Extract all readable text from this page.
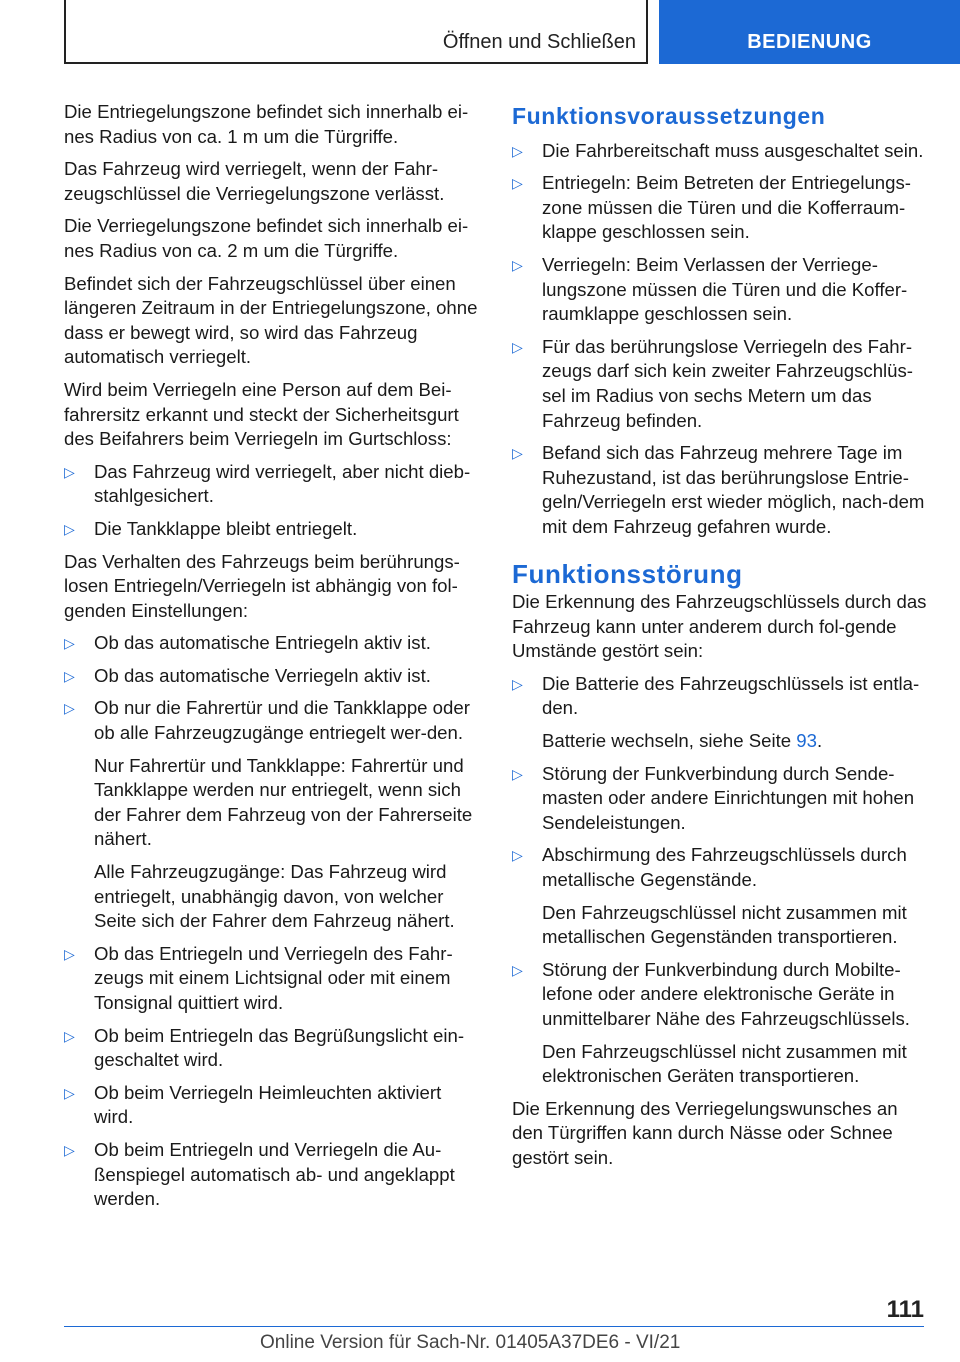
Öffnen und Schließen	BEDIENUNG

Die Entriegelungszone befindet sich innerhalb ei-nes Radius von ca. 1 m um die Türgriffe.

Das Fahrzeug wird verriegelt, wenn der Fahr-zeugschlüssel die Verriegelungszone verlässt.

Die Verriegelungszone befindet sich innerhalb ei-nes Radius von ca. 2 m um die Türgriffe.

Befindet sich der Fahrzeugschlüssel über einen längeren Zeitraum in der Entriegelungszone, ohne dass er bewegt wird, so wird das Fahrzeug automatisch verriegelt.

Wird beim Verriegeln eine Person auf dem Bei-fahrersitz erkannt und steckt der Sicherheitsgurt des Beifahrers beim Verriegeln im Gurtschloss:

▷	Das Fahrzeug wird verriegelt, aber nicht dieb-stahlgesichert.
▷	Die Tankklappe bleibt entriegelt.

Das Verhalten des Fahrzeugs beim berührungs-losen Entriegeln/Verriegeln ist abhängig von fol-genden Einstellungen:

▷	Ob das automatische Entriegeln aktiv ist.
▷	Ob das automatische Verriegeln aktiv ist.
▷	Ob nur die Fahrertür und die Tankklappe oder ob alle Fahrzeugzugänge entriegelt wer-den.

Nur Fahrertür und Tankklappe: Fahrertür und Tankklappe werden nur entriegelt, wenn sich der Fahrer dem Fahrzeug von der Fahrerseite nähert.

Alle Fahrzeugzugänge: Das Fahrzeug wird entriegelt, unabhängig davon, von welcher Seite sich der Fahrer dem Fahrzeug nähert.

▷	Ob das Entriegeln und Verriegeln des Fahr-zeugs mit einem Lichtsignal oder mit einem Tonsignal quittiert wird.
▷	Ob beim Entriegeln das Begrüßungslicht ein-geschaltet wird.
▷	Ob beim Verriegeln Heimleuchten aktiviert wird.
▷	Ob beim Entriegeln und Verriegeln die Au-ßenspiegel automatisch ab- und angeklappt werden.
Funktionsvoraussetzungen
▷	Die Fahrbereitschaft muss ausgeschaltet sein.
▷	Entriegeln: Beim Betreten der Entriegelungs-zone müssen die Türen und die Kofferraum-klappe geschlossen sein.
▷	Verriegeln: Beim Verlassen der Verriege-lungszone müssen die Türen und die Koffer-raumklappe geschlossen sein.
▷	Für das berührungslose Verriegeln des Fahr-zeugs darf sich kein zweiter Fahrzeugschlüs-sel im Radius von sechs Metern um das Fahrzeug befinden.
▷	Befand sich das Fahrzeug mehrere Tage im Ruhezustand, ist das berührungslose Entrie-geln/Verriegeln erst wieder möglich, nach-dem mit dem Fahrzeug gefahren wurde.
Funktionsstörung

Die Erkennung des Fahrzeugschlüssels durch das Fahrzeug kann unter anderem durch fol-gende Umstände gestört sein:

▷	Die Batterie des Fahrzeugschlüssels ist entla-den.

Batterie wechseln, siehe Seite 93.

▷	Störung der Funkverbindung durch Sende-masten oder andere Einrichtungen mit hohen Sendeleistungen.
▷	Abschirmung des Fahrzeugschlüssels durch metallische Gegenstände.

Den Fahrzeugschlüssel nicht zusammen mit metallischen Gegenständen transportieren.

▷	Störung der Funkverbindung durch Mobilte-lefone oder andere elektronische Geräte in unmittelbarer Nähe des Fahrzeugschlüssels.

Den Fahrzeugschlüssel nicht zusammen mit elektronischen Geräten transportieren.

Die Erkennung des Verriegelungswunsches an den Türgriffen kann durch Nässe oder Schnee gestört sein.

111
Online Version für Sach-Nr. 01405A37DE6 - VI/21
